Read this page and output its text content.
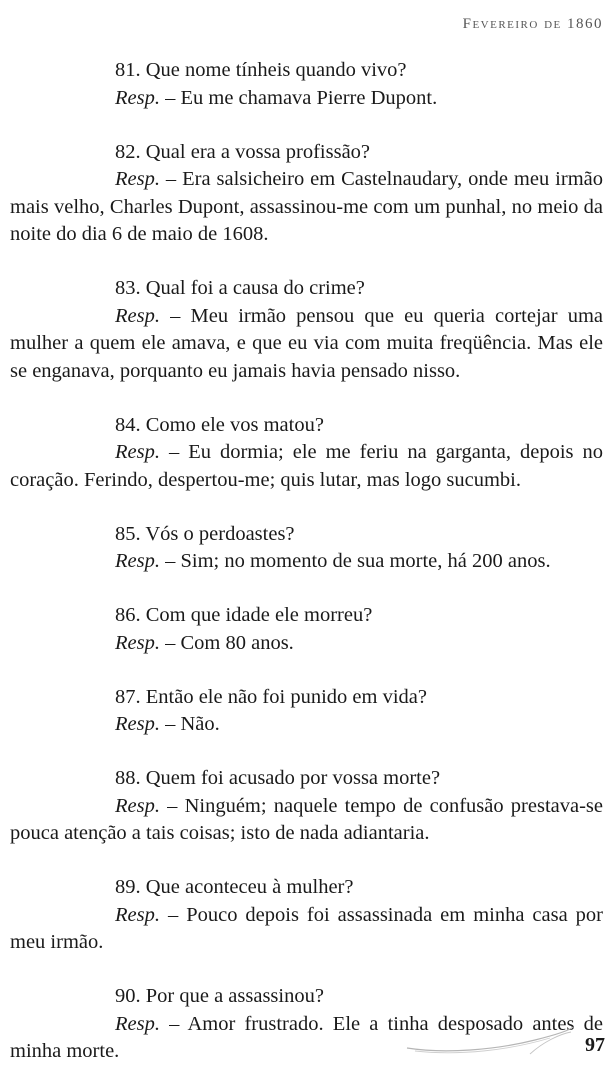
Fevereiro de 1860

81. Que nome tínheis quando vivo?

Resp. – Eu me chamava Pierre Dupont.

82. Qual era a vossa profissão?

Resp. – Era salsicheiro em Castelnaudary, onde meu irmão mais velho, Charles Dupont, assassinou-me com um punhal, no meio da noite do dia 6 de maio de 1608.

83. Qual foi a causa do crime?

Resp. – Meu irmão pensou que eu queria cortejar uma mulher a quem ele amava, e que eu via com muita freqüência. Mas ele se enganava, porquanto eu jamais havia pensado nisso.

84. Como ele vos matou?

Resp. – Eu dormia; ele me feriu na garganta, depois no coração. Ferindo, despertou-me; quis lutar, mas logo sucumbi.

85. Vós o perdoastes?

Resp. – Sim; no momento de sua morte, há 200 anos.

86. Com que idade ele morreu?

Resp. – Com 80 anos.

87. Então ele não foi punido em vida?

Resp. – Não.

88. Quem foi acusado por vossa morte?

Resp. – Ninguém; naquele tempo de confusão prestava-se pouca atenção a tais coisas; isto de nada adiantaria.

89. Que aconteceu à mulher?

Resp. – Pouco depois foi assassinada em minha casa por meu irmão.

90. Por que a assassinou?

Resp. – Amor frustrado. Ele a tinha desposado antes de minha morte.	97
